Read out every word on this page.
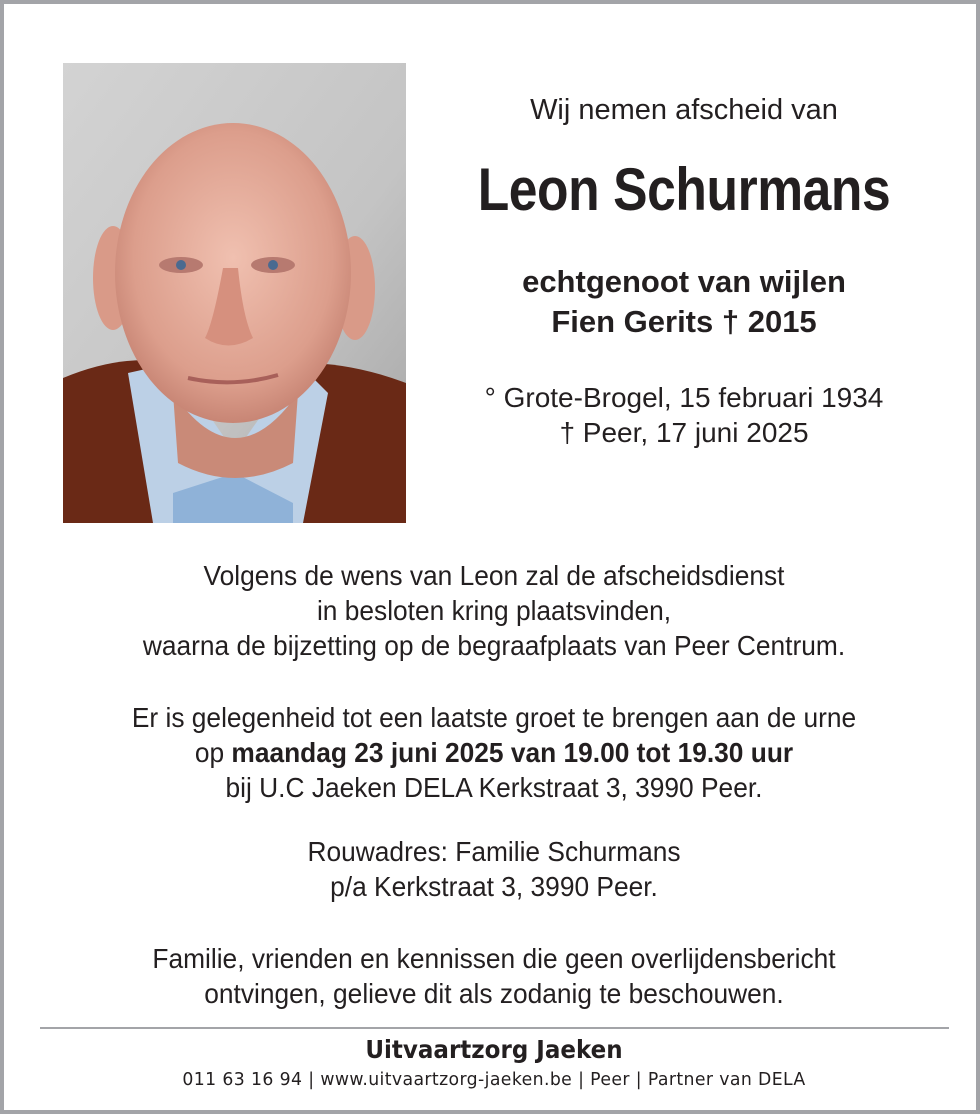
Wij nemen afscheid van
Leon Schurmans
echtgenoot van wijlen
Fien Gerits † 2015
° Grote-Brogel, 15 februari 1934
† Peer, 17 juni 2025
Volgens de wens van Leon zal de afscheidsdienst
in besloten kring plaatsvinden,
waarna de bijzetting op de begraafplaats van Peer Centrum.
Er is gelegenheid tot een laatste groet te brengen aan de urne
op maandag 23 juni 2025 van 19.00 tot 19.30 uur
bij U.C Jaeken DELA Kerkstraat 3, 3990 Peer.
Rouwadres: Familie Schurmans
p/a Kerkstraat 3, 3990 Peer.
Familie, vrienden en kennissen die geen overlijdensbericht
ontvingen, gelieve dit als zodanig te beschouwen.
Uitvaartzorg Jaeken
011 63 16 94 | www.uitvaartzorg-jaeken.be | Peer | Partner van DELA
